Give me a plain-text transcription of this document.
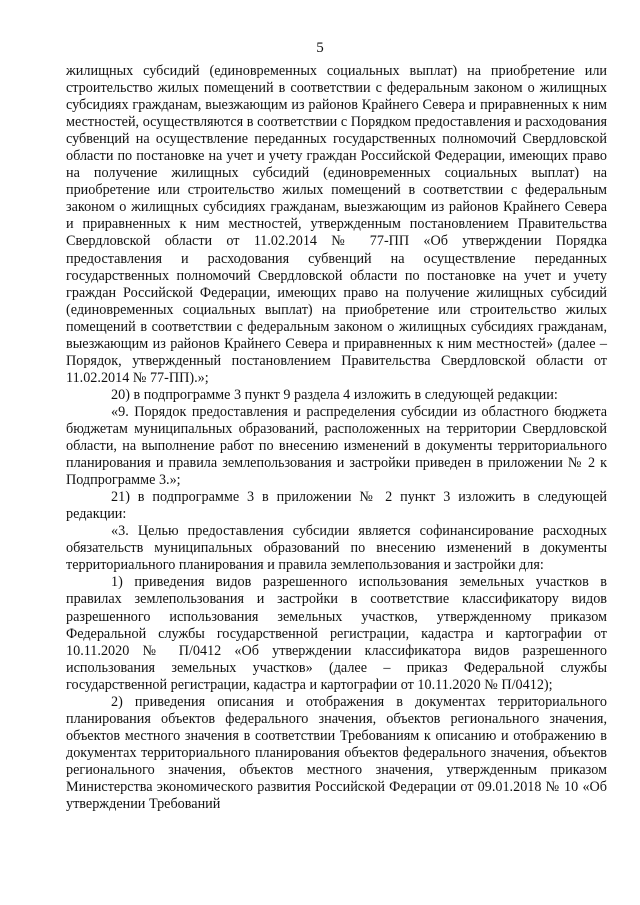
5

жилищных субсидий (единовременных социальных выплат) на приобретение или строительство жилых помещений в соответствии с федеральным законом о жилищных субсидиях гражданам, выезжающим из районов Крайнего Севера и приравненных к ним местностей, осуществляются в соответствии с Порядком предоставления и расходования субвенций на осуществление переданных государственных полномочий Свердловской области по постановке на учет и учету граждан Российской Федерации, имеющих право на получение жилищных субсидий (единовременных социальных выплат) на приобретение или строительство жилых помещений в соответствии с федеральным законом о жилищных субсидиях гражданам, выезжающим из районов Крайнего Севера и приравненных к ним местностей, утвержденным постановлением Правительства Свердловской области от 11.02.2014 № 77-ПП «Об утверждении Порядка предоставления и расходования субвенций на осуществление переданных государственных полномочий Свердловской области по постановке на учет и учету граждан Российской Федерации, имеющих право на получение жилищных субсидий (единовременных социальных выплат) на приобретение или строительство жилых помещений в соответствии с федеральным законом о жилищных субсидиях гражданам, выезжающим из районов Крайнего Севера и приравненных к ним местностей» (далее – Порядок, утвержденный постановлением Правительства Свердловской области от 11.02.2014 № 77-ПП).»;

20) в подпрограмме 3 пункт 9 раздела 4 изложить в следующей редакции:

«9. Порядок предоставления и распределения субсидии из областного бюджета бюджетам муниципальных образований, расположенных на территории Свердловской области, на выполнение работ по внесению изменений в документы территориального планирования и правила землепользования и застройки приведен в приложении № 2 к Подпрограмме 3.»;

21) в подпрограмме 3 в приложении № 2 пункт 3 изложить в следующей редакции:

«3. Целью предоставления субсидии является софинансирование расходных обязательств муниципальных образований по внесению изменений в документы территориального планирования и правила землепользования и застройки для:

1) приведения видов разрешенного использования земельных участков в правилах землепользования и застройки в соответствие классификатору видов разрешенного использования земельных участков, утвержденному приказом Федеральной службы государственной регистрации, кадастра и картографии от 10.11.2020 № П/0412 «Об утверждении классификатора видов разрешенного использования земельных участков» (далее – приказ Федеральной службы государственной регистрации, кадастра и картографии от 10.11.2020 № П/0412);

2) приведения описания и отображения в документах территориального планирования объектов федерального значения, объектов регионального значения, объектов местного значения в соответствии Требованиям к описанию и отображению в документах территориального планирования объектов федерального значения, объектов регионального значения, объектов местного значения, утвержденным приказом Министерства экономического развития Российской Федерации от 09.01.2018 № 10 «Об утверждении Требований
